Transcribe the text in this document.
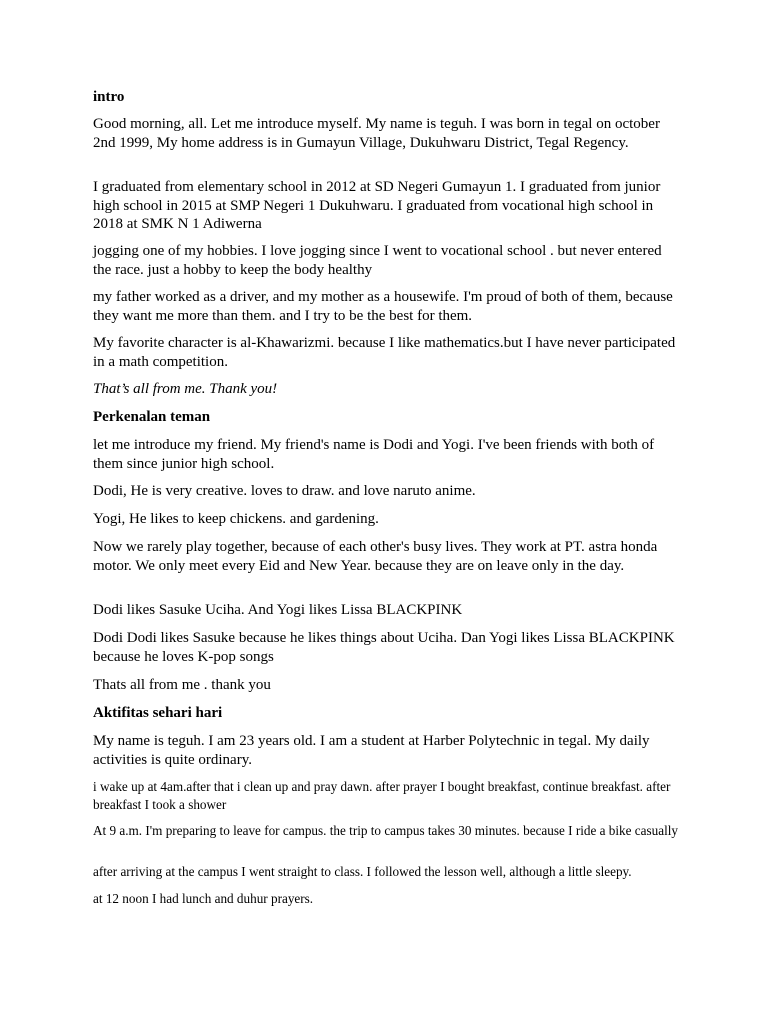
intro

Good morning, all. Let me introduce myself. My name is teguh. I was born in tegal on october 2nd 1999, My home address is in Gumayun Village, Dukuhwaru District, Tegal Regency.

I graduated from elementary school in 2012 at SD Negeri Gumayun 1. I graduated from junior high school in 2015 at SMP Negeri 1 Dukuhwaru. I graduated from vocational high school in 2018 at SMK N 1 Adiwerna

jogging one of my hobbies. I love jogging since I went to vocational school . but never entered the race. just a hobby to keep the body healthy

my father worked as a driver, and my mother as a housewife. I'm proud of both of them, because they want me more than them. and I try to be the best for them.

My favorite character is al-Khawarizmi. because I like mathematics.but I have never participated in a math competition.

That’s all from me. Thank you!

Perkenalan teman

let me introduce my friend. My friend's name is Dodi and Yogi. I've been friends with both of them since junior high school.

Dodi, He is very creative. loves to draw. and love naruto anime.

Yogi, He likes to keep chickens. and gardening.

Now we rarely play together, because of each other's busy lives. They work at PT. astra honda motor. We only meet every Eid and New Year. because they are on leave only in the day.

Dodi likes Sasuke Uciha. And Yogi likes Lissa BLACKPINK

Dodi Dodi likes Sasuke because he likes things about Uciha. Dan Yogi likes Lissa BLACKPINK because he loves K-pop songs

Thats all from me . thank you

Aktifitas sehari hari

My name is teguh. I am 23 years old. I am a student at Harber Polytechnic in tegal. My daily activities is quite ordinary.

i wake up at 4am.after that i clean up and pray dawn. after prayer I bought breakfast, continue breakfast. after breakfast I took a shower

At 9 a.m. I'm preparing to leave for campus. the trip to campus takes 30 minutes. because I ride a bike casually

after arriving at the campus I went straight to class. I followed the lesson well, although a little sleepy.

at 12 noon I had lunch and duhur prayers.
